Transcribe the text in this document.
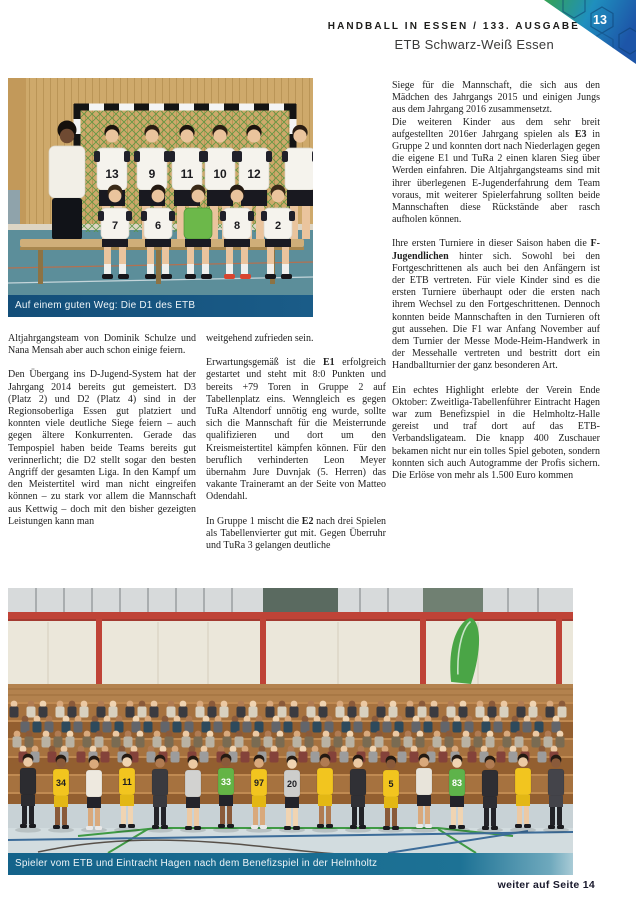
HANDBALL IN ESSEN / 133. AUSGABE
ETB Schwarz-Weiß Essen
13
13 9 11 10 12
7	6	8	2
Auf einem guten Weg: Die D1 des ETB

Altjahrgangsteam von Dominik Schulze und Nana Mensah aber auch schon einige feiern.

Den Übergang ins D-Jugend-System hat der Jahrgang 2014 bereits gut gemeistert. D3 (Platz 2) und D2 (Platz 4) sind in der Regionsoberliga Essen gut platziert und konnten viele deutliche Siege feiern – auch gegen ältere Konkurrenten. Gerade das Tempospiel haben beide Teams bereits gut verinnerlicht; die D2 stellt sogar den besten Angriff der gesamten Liga. In den Kampf um den Meistertitel wird man nicht eingreifen können – zu stark vor allem die Mannschaft aus Kettwig – doch mit den bisher gezeigten Leistungen kann man

weitgehend zufrieden sein.

Erwartungsgemäß ist die E1 erfolgreich gestartet und steht mit 8:0 Punkten und bereits +79 Toren in Gruppe 2 auf Tabellenplatz eins. Wenngleich es gegen TuRa Altendorf unnötig eng wurde, sollte sich die Mannschaft für die Meisterrunde qualifizieren und dort um den Kreismeistertitel kämpfen können. Für den beruflich verhinderten Leon Meyer übernahm Jure Duvnjak (5. Herren) das vakante Traineramt an der Seite von Matteo Odendahl.

In Gruppe 1 mischt die E2 nach drei Spielen als Tabellenvierter gut mit. Gegen Überruhr und TuRa 3 gelangen deutliche

Siege für die Mannschaft, die sich aus den Mädchen des Jahrgangs 2015 und einigen Jungs aus dem Jahrgang 2016 zusammensetzt.

Die weiteren Kinder aus dem sehr breit aufgestellten 2016er Jahrgang spielen als E3 in Gruppe 2 und konnten dort nach Niederlagen gegen die eigene E1 und TuRa 2 einen klaren Sieg über Werden einfahren. Die Altjahrgangsteams sind mit ihrer überlegenen E-Jugenderfahrung dem Team voraus, mit weiterer Spielerfahrung sollten beide Mannschaften diese Rückstände aber rasch aufholen können.

Ihre ersten Turniere in dieser Saison haben die F-Jugendlichen hinter sich. Sowohl bei den Fortgeschrittenen als auch bei den Anfängern ist der ETB vertreten. Für viele Kinder sind es die ersten Turniere überhaupt oder die ersten nach ihrem Wechsel zu den Fortgeschrittenen. Dennoch konnten beide Mannschaften in den Turnieren oft gut aussehen. Die F1 war Anfang November auf dem Turnier der Messe Mode-Heim-Handwerk in der Messehalle vertreten und bestritt dort ein Handballturnier der ganz besonderen Art.

Ein echtes Highlight erlebte der Verein Ende Oktober: Zweitliga-Tabellenführer Eintracht Hagen war zum Benefizspiel in die Helmholtz-Halle gereist und traf dort auf das ETB-Verbandsligateam. Die knapp 400 Zuschauer bekamen nicht nur ein tolles Spiel geboten, sondern konnten sich auch Autogramme der Profis sichern. Die Erlöse von mehr als 1.500 Euro kommen

34	11	33	97	20	5	83
Spieler vom ETB und Eintracht Hagen nach dem Benefizspiel in der Helmholtz
weiter auf Seite 14
